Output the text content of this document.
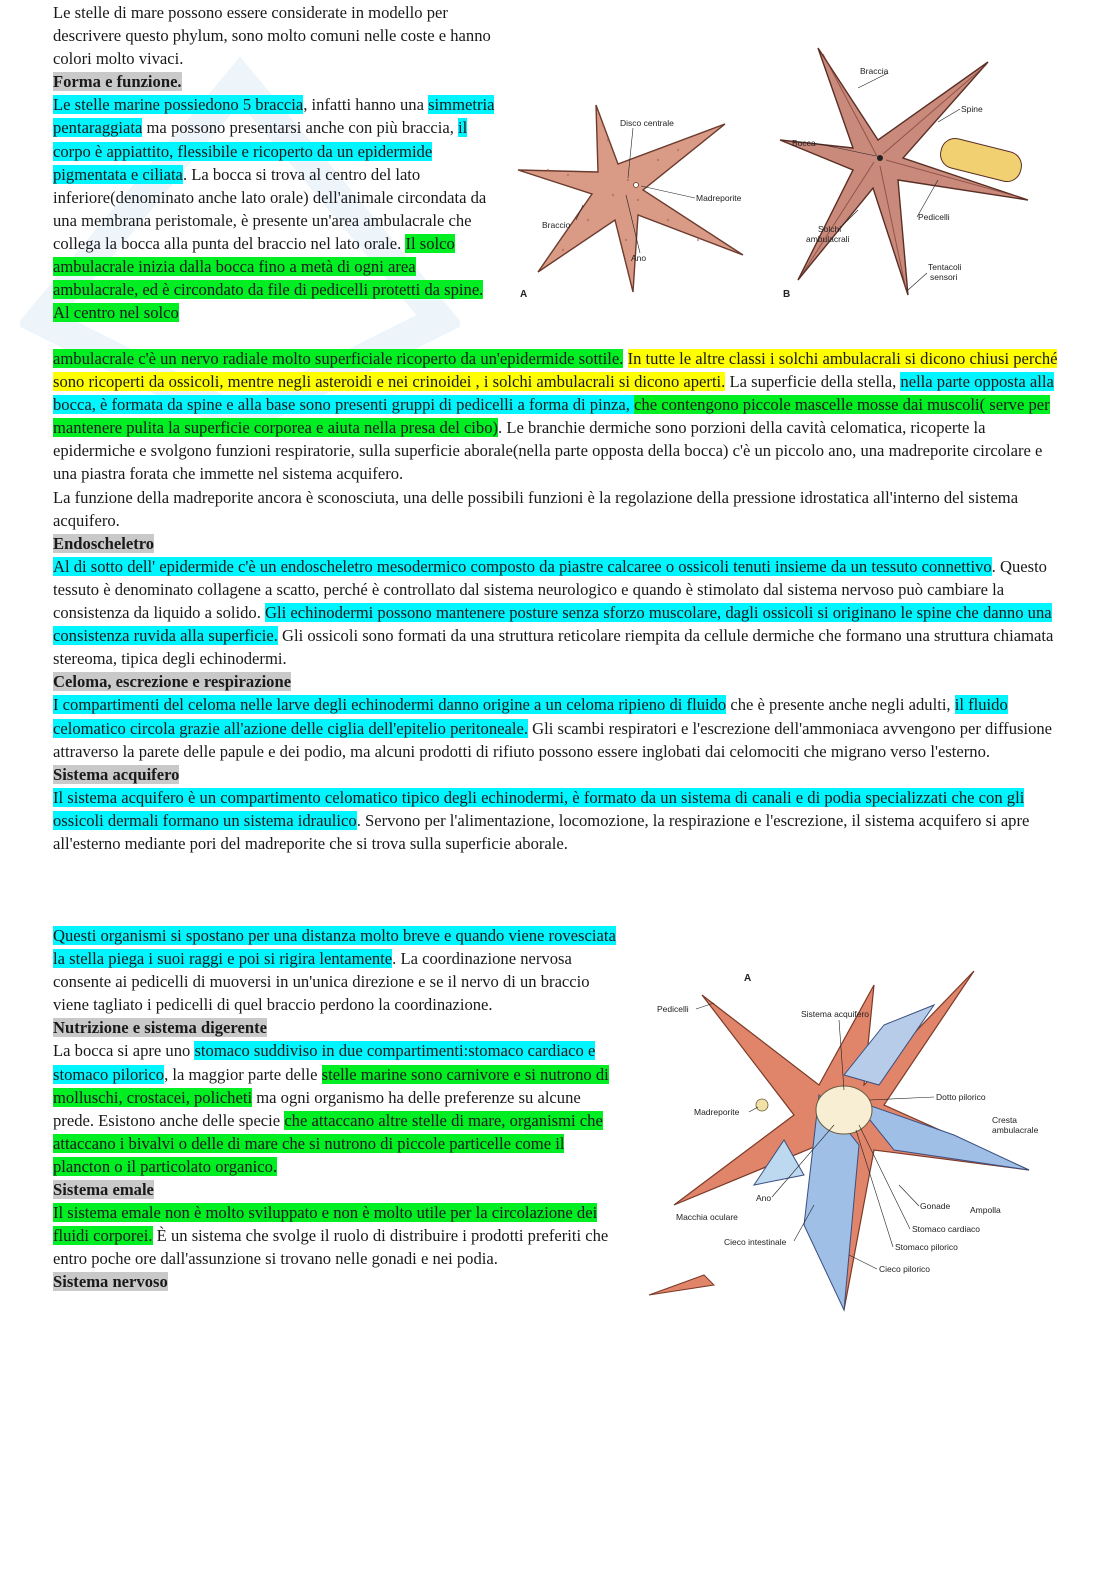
Le stelle di mare possono essere considerate in modello per descrivere questo phylum, sono molto comuni nelle coste e hanno colori molto vivaci.

Forma e funzione.

Le stelle marine possiedono 5 braccia, infatti hanno una simmetria pentaraggiata ma possono presentarsi anche con più braccia, il corpo è appiattito, flessibile e ricoperto da un epidermide pigmentata e ciliata. La bocca si trova al centro del lato inferiore(denominato anche lato orale) dell'animale circondata da una membrana peristomale, è presente un'area ambulacrale che collega la bocca alla punta del braccio nel lato orale. Il solco ambulacrale inizia dalla bocca fino a metà di ogni area ambulacrale, ed è circondato da file di pedicelli protetti da spine. Al centro nel solco

ambulacrale c'è un nervo radiale molto superficiale ricoperto da un'epidermide sottile. In tutte le altre classi i solchi ambulacrali si dicono chiusi perché sono ricoperti da ossicoli, mentre negli asteroidi e nei crinoidei , i solchi ambulacrali si dicono aperti. La superficie della stella, nella parte opposta alla bocca, è formata da spine e alla base sono presenti gruppi di pedicelli a forma di pinza, che contengono piccole mascelle mosse dai muscoli( serve per mantenere pulita la superficie corporea e aiuta nella presa del cibo). Le branchie dermiche sono porzioni della cavità celomatica, ricoperte la epidermiche e svolgono funzioni respiratorie, sulla superficie aborale(nella parte opposta della bocca) c'è un piccolo ano, una madreporite circolare e una piastra forata che immette nel sistema acquifero.

La funzione della madreporite ancora è sconosciuta, una delle possibili funzioni è la regolazione della pressione idrostatica all'interno del sistema acquifero.

Endoscheletro

Al di sotto dell' epidermide c'è un endoscheletro mesodermico composto da piastre calcaree o ossicoli tenuti insieme da un tessuto connettivo. Questo tessuto è denominato collagene a scatto, perché è controllato dal sistema neurologico e quando è stimolato dal sistema nervoso può cambiare la consistenza da liquido a solido. Gli echinodermi possono mantenere posture senza sforzo muscolare, dagli ossicoli si originano le spine che danno una consistenza ruvida alla superficie. Gli ossicoli sono formati da una struttura reticolare riempita da cellule dermiche che formano una struttura chiamata stereoma, tipica degli echinodermi.

Celoma, escrezione e respirazione

I compartimenti del celoma nelle larve degli echinodermi danno origine a un celoma ripieno di fluido che è presente anche negli adulti, il fluido celomatico circola grazie all'azione delle ciglia dell'epitelio peritoneale. Gli scambi respiratori e l'escrezione dell'ammoniaca avvengono per diffusione attraverso la parete delle papule e dei podio, ma alcuni prodotti di rifiuto possono essere inglobati dai celomociti che migrano verso l'esterno.

Sistema acquifero

Il sistema acquifero è un compartimento celomatico tipico degli echinodermi, è formato da un sistema di canali e di podia specializzati che con gli ossicoli dermali formano un sistema idraulico. Servono per l'alimentazione, locomozione, la respirazione e l'escrezione, il sistema acquifero si apre all'esterno mediante pori del madreporite che si trova sulla superficie aborale.

Questi organismi si spostano per una distanza molto breve e quando viene rovesciata la stella piega i suoi raggi e poi si rigira lentamente. La coordinazione nervosa consente ai pedicelli di muoversi in un'unica direzione e se il nervo di un braccio viene tagliato i pedicelli di quel braccio perdono la coordinazione.

Nutrizione e sistema digerente

La bocca si apre uno stomaco suddiviso in due compartimenti:stomaco cardiaco e stomaco pilorico, la maggior parte delle stelle marine sono carnivore e si nutrono di molluschi, crostacei, policheti ma ogni organismo ha delle preferenze su alcune prede. Esistono anche delle specie che attaccano altre stelle di mare, organismi che attaccano i bivalvi o delle di mare che si nutrono di piccole particelle come il plancton o il particolato organico.

Sistema emale

Il sistema emale non è molto sviluppato e non è molto utile per la circolazione dei fluidi corporei. È un sistema che svolge il ruolo di distribuire i prodotti preferiti che entro poche ore dall'assunzione si trovano nelle gonadi e nei podia.

Sistema nervoso

Disco centrale
Madreporite
Braccio
Ano
A
Braccia
Spine
Bocca
Pedicelli
Solchi
ambulacrali
Tentacoli
sensori
B
A
Pedicelli	Sistema acquifero
Dotto pilorico
Madreporite
Cresta
ambulacrale
Ano
Gonade Ampolla
Macchia oculare
Stomaco cardiaco
Cieco intestinale	Stomaco pilorico
Cieco pilorico
